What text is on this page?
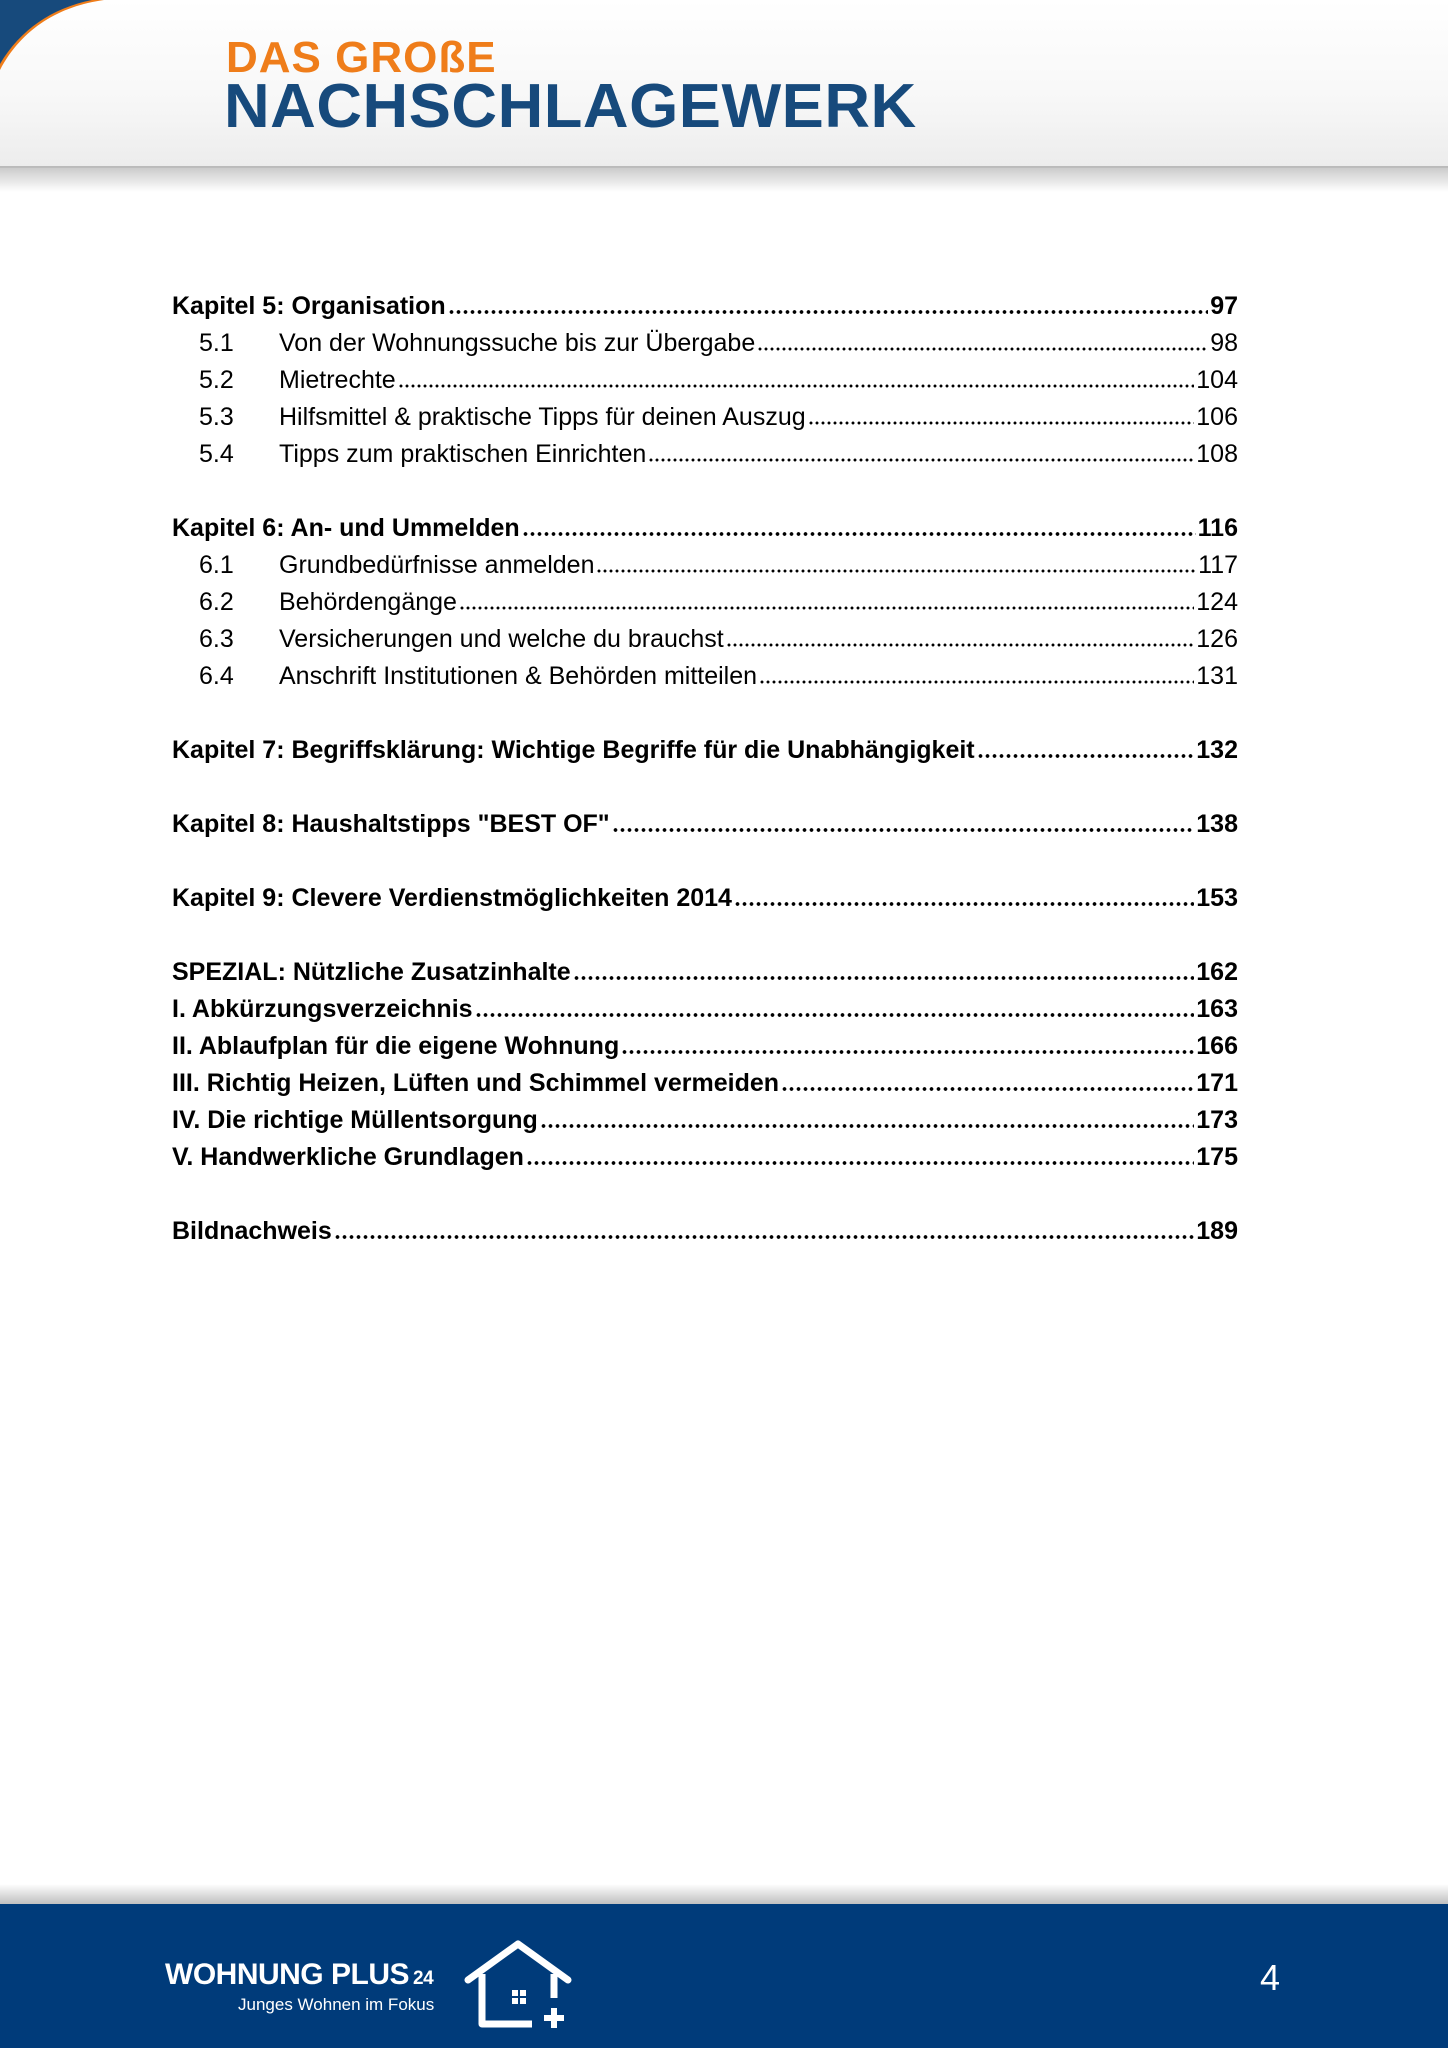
DAS GROßE
NACHSCHLAGEWERK
Kapitel 5: Organisation	97
5.1	Von der Wohnungssuche bis zur Übergabe	98
5.2	Mietrechte	104
5.3	Hilfsmittel & praktische Tipps für deinen Auszug	106
5.4	Tipps zum praktischen Einrichten	108
Kapitel 6: An- und Ummelden	116
6.1	Grundbedürfnisse anmelden	117
6.2	Behördengänge	124
6.3	Versicherungen und welche du brauchst	126
6.4	Anschrift Institutionen & Behörden mitteilen	131
Kapitel 7: Begriffsklärung: Wichtige Begriffe für die Unabhängigkeit	132
Kapitel 8: Haushaltstipps "BEST OF"	138
Kapitel 9: Clevere Verdienstmöglichkeiten 2014	153
SPEZIAL: Nützliche Zusatzinhalte	162
I. Abkürzungsverzeichnis	163
II. Ablaufplan für die eigene Wohnung	166
III. Richtig Heizen, Lüften und Schimmel vermeiden	171
IV. Die richtige Müllentsorgung	173
V. Handwerkliche Grundlagen	175
Bildnachweis	189
WOHNUNG PLUS 24
Junges Wohnen im Fokus
4
